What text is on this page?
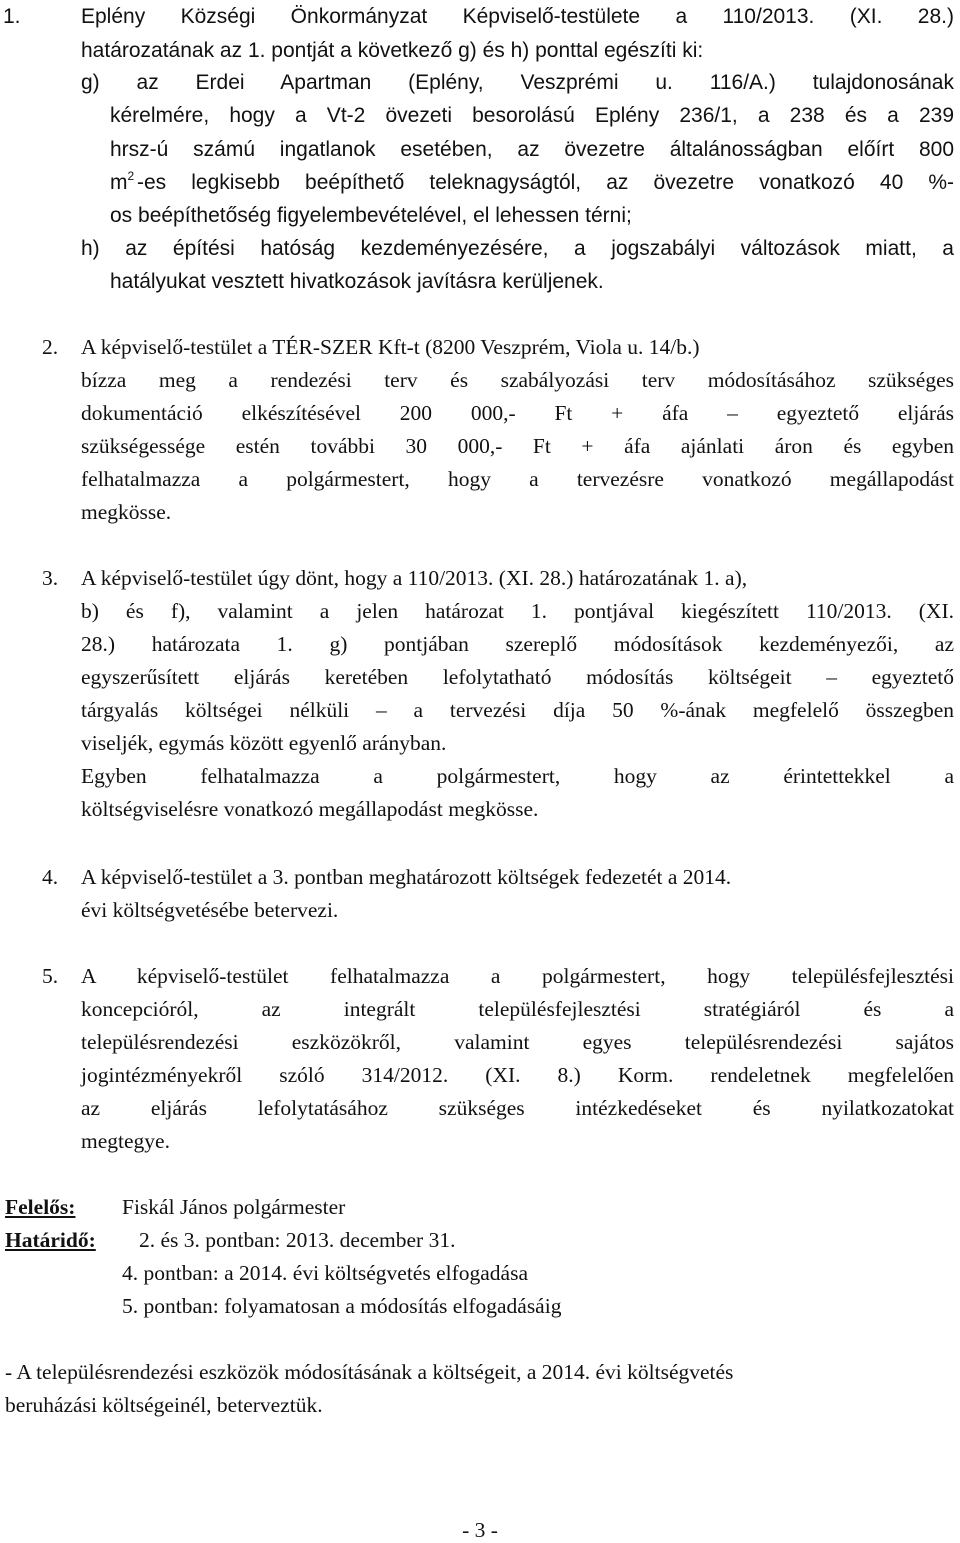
1.	Eplény Községi Önkormányzat Képviselő-testülete a 110/2013. (XI. 28.)
határozatának az 1. pontját a következő g) és h) ponttal egészíti ki:
g) az Erdei Apartman (Eplény, Veszprémi u. 116/A.) tulajdonosának
kérelmére, hogy a Vt-2 övezeti besorolású Eplény 236/1, a 238 és a 239
hrsz-ú számú ingatlanok esetében, az övezetre általánosságban előírt 800
$m^2$ -es legkisebb beépíthető teleknagyságtól, az övezetre vonatkozó 40 %-
os beépíthetőség figyelembevételével, el lehessen térni;
h) az építési hatóság kezdeményezésére, a jogszabályi változások miatt, a
hatályukat vesztett hivatkozások javításra kerüljenek.
2. A képviselő-testület a TÉR-SZER Kft-t (8200 Veszprém, Viola u. 14/b.)
bízza meg a rendezési terv és szabályozási terv módosításához szükséges
dokumentáció elkészítésével 200 000,- Ft + áfa – egyeztető eljárás
szükségessége estén további 30 000,- Ft + áfa ajánlati áron és egyben
felhatalmazza a polgármestert, hogy a tervezésre vonatkozó megállapodást
megkösse.
3. A képviselő-testület úgy dönt, hogy a 110/2013. (XI. 28.) határozatának 1. a),
b) és f), valamint a jelen határozat 1. pontjával kiegészített 110/2013. (XI.
28.) határozata 1. g) pontjában szereplő módosítások kezdeményezői, az
egyszerűsített eljárás keretében lefolytatható módosítás költségeit – egyeztető
tárgyalás költségei nélküli – a tervezési díja 50 %-ának megfelelő összegben
viseljék, egymás között egyenlő arányban.
Egyben felhatalmazza a polgármestert, hogy az érintettekkel a
költségviselésre vonatkozó megállapodást megkösse.
4. A képviselő-testület a 3. pontban meghatározott költségek fedezetét a 2014.
évi költségvetésébe betervezi.
5. A képviselő-testület felhatalmazza a polgármestert, hogy településfejlesztési
koncepcióról, az integrált településfejlesztési stratégiáról és a
településrendezési eszközökről, valamint egyes településrendezési sajátos
jogintézményekről szóló 314/2012. (XI. 8.) Korm. rendeletnek megfelelően
az eljárás lefolytatásához szükséges intézkedéseket és nyilatkozatokat
megtegye.
Felelős: Fiskál János polgármester
Határidő: 2. és 3. pontban: 2013. december 31.
4. pontban: a 2014. évi költségvetés elfogadása
5. pontban: folyamatosan a módosítás elfogadásáig
- A településrendezési eszközök módosításának a költségeit, a 2014. évi költségvetés
beruházási költségeinél, beterveztük.
- 3 -
